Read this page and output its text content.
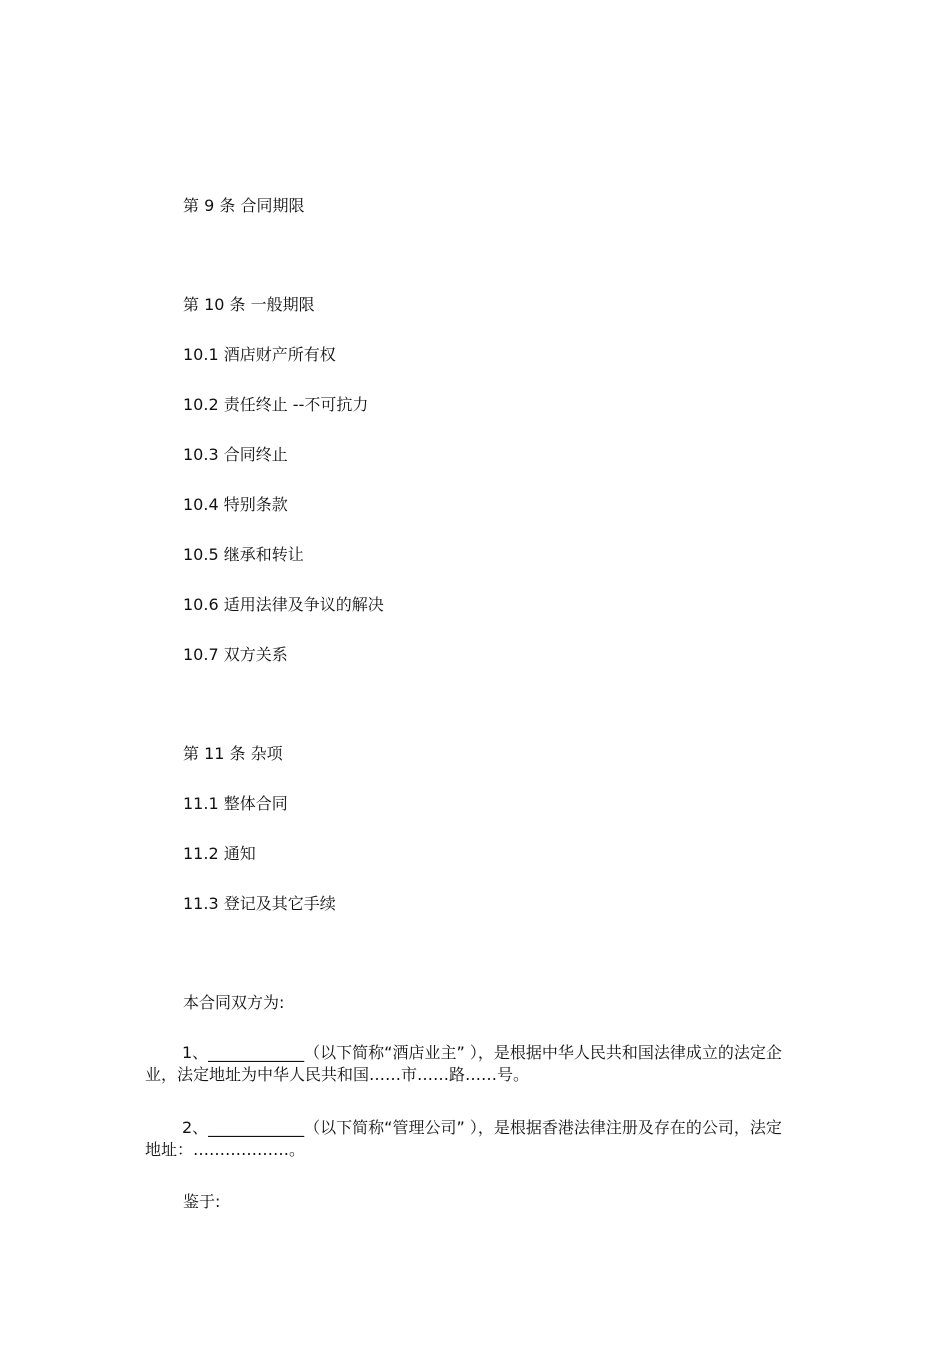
第 9 条 合同期限
第 10 条 一般期限
10.1 酒店财产所有权
10.2 责任终止 --不可抗力
10.3 合同终止
10.4 特别条款
10.5 继承和转让
10.6 适用法律及争议的解决
10.7 双方关系
第 11 条 杂项
11.1 整体合同
11.2 通知
11.3 登记及其它手续
本合同双方为:
1、____________（以下简称“酒店业主” ），是根据中华人民共和国法律成立的法定企业，法定地址为中华人民共和国……市……路……号。
2、____________（以下简称“管理公司” ），是根据香港法律注册及存在的公司，法定地址：………………。
鉴于:
